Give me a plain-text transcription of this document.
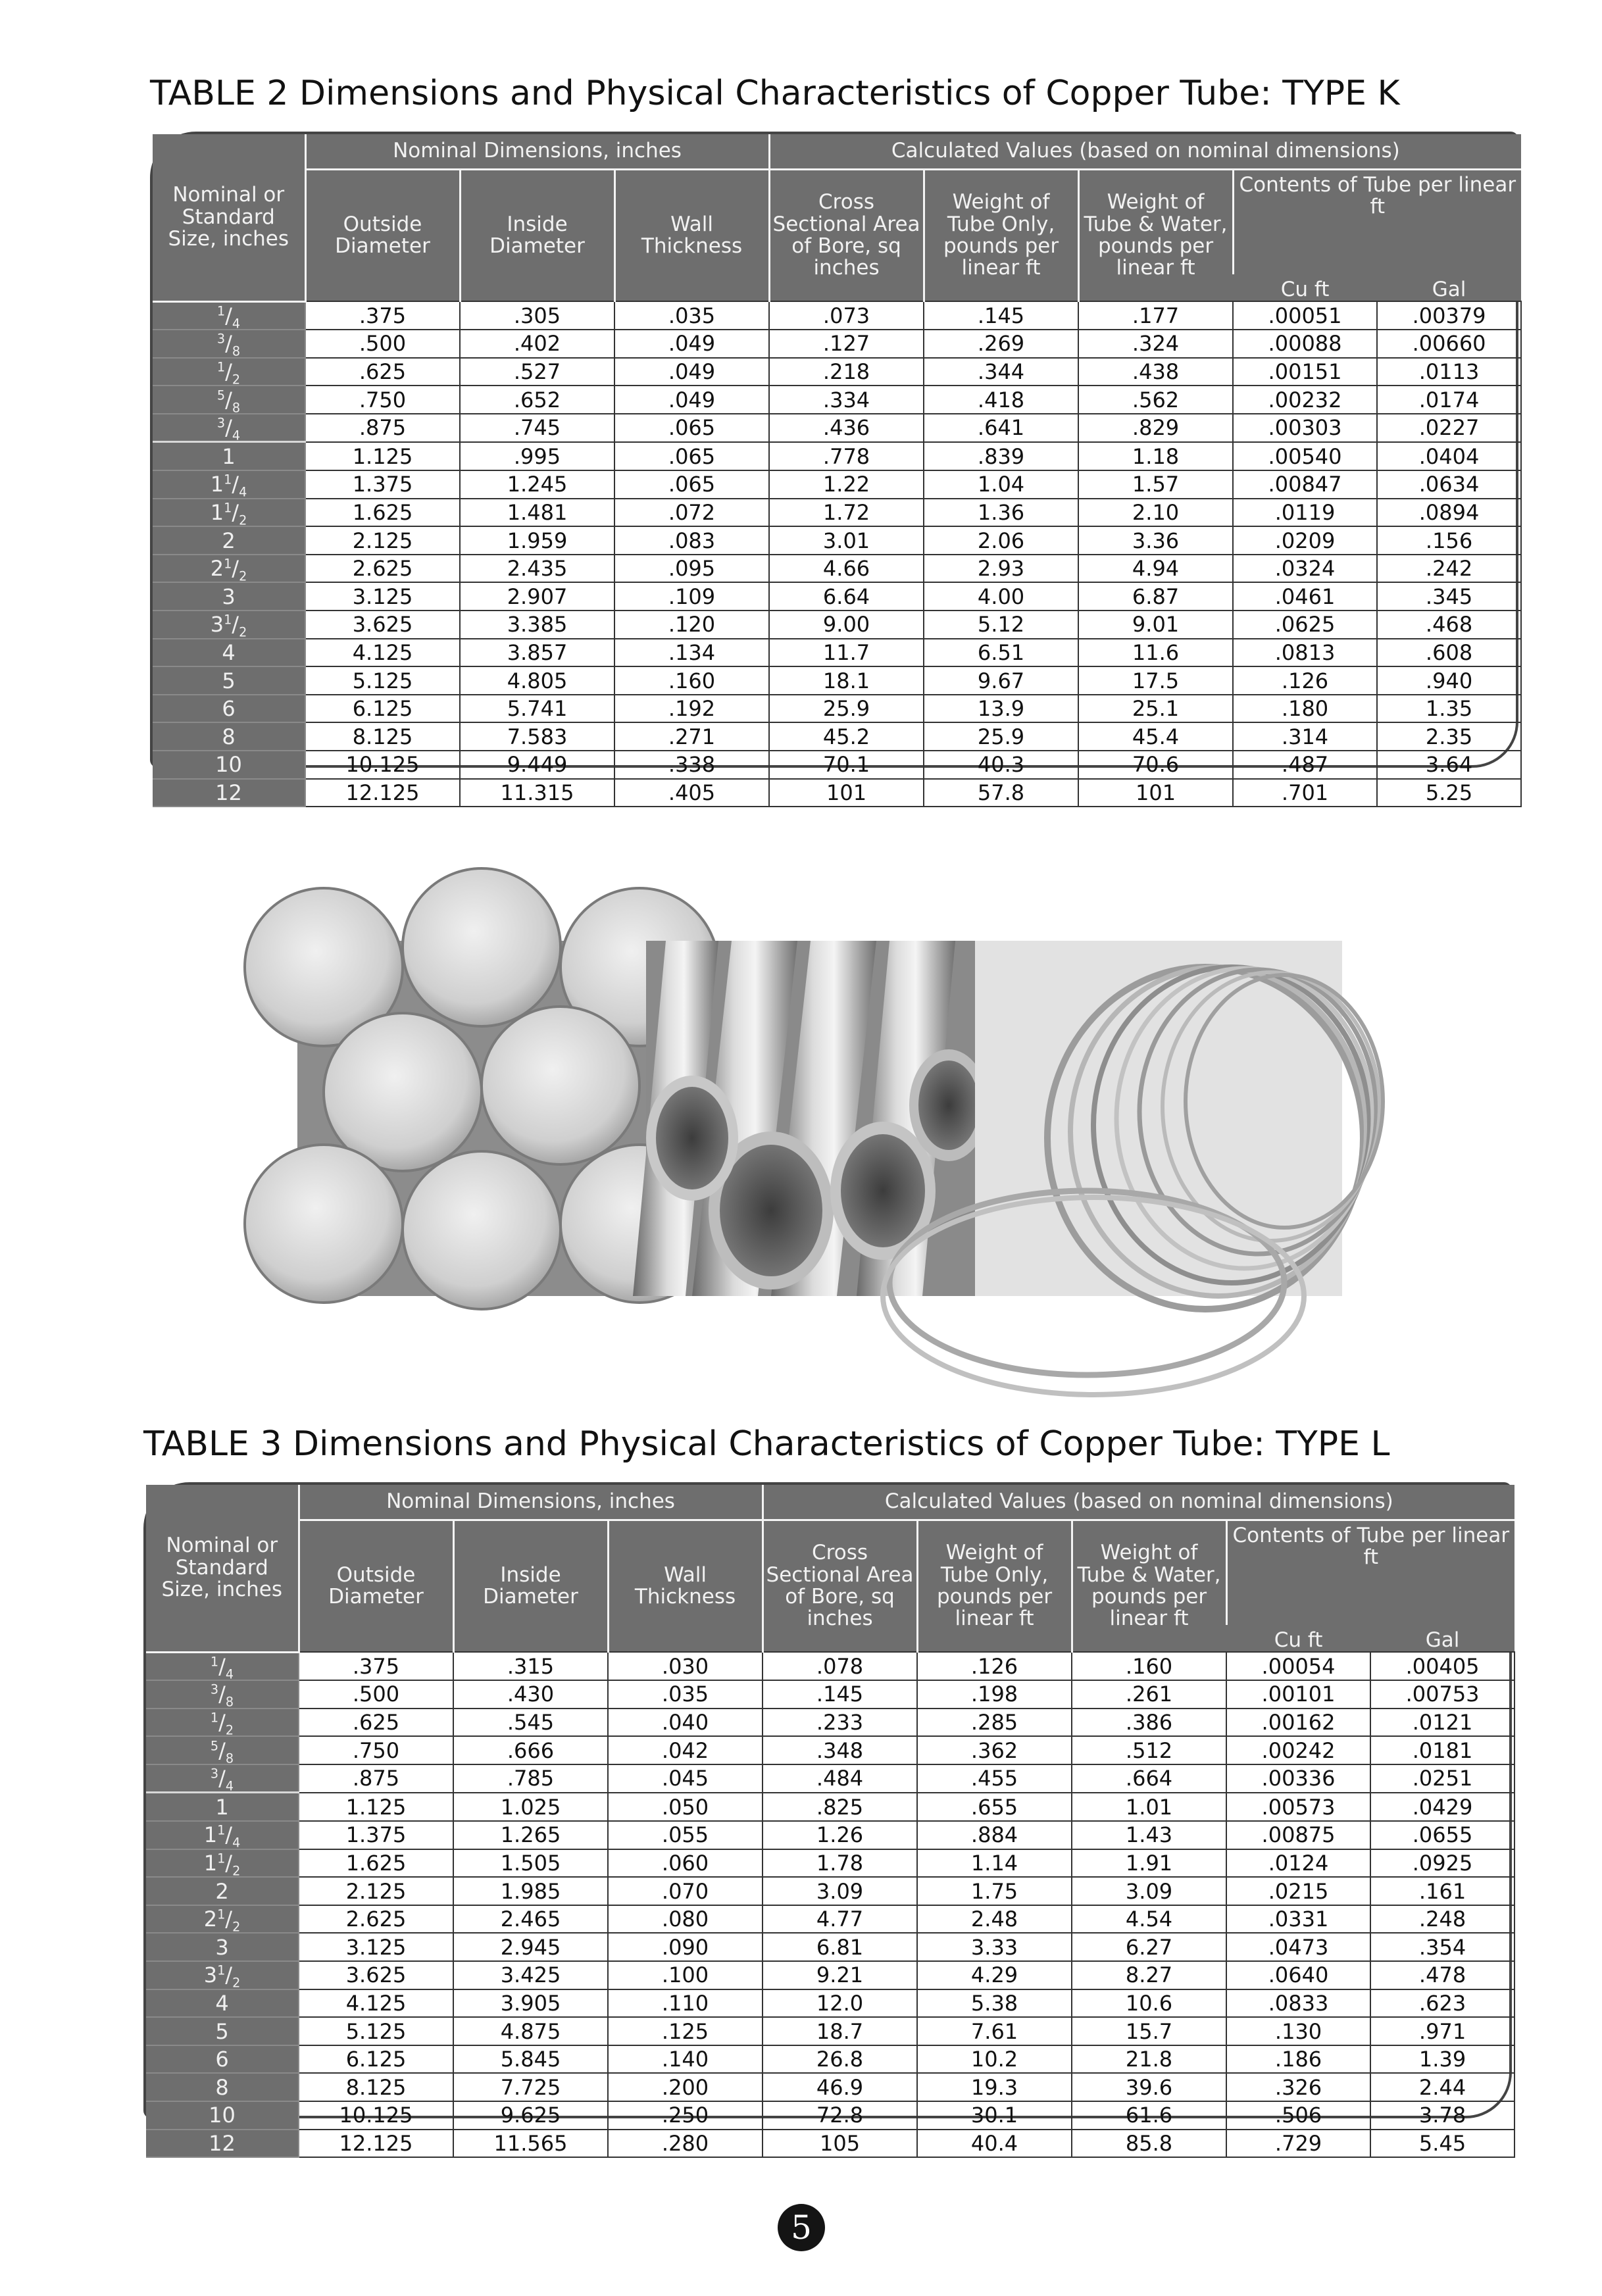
TABLE 2 Dimensions and Physical Characteristics of Copper Tube: TYPE K
Nominal or Standard Size, inches	Nominal Dimensions, inches			Calculated Values (based on nominal dimensions)				
	Outside Diameter	Inside Diameter	Wall Thickness	Cross Sectional Area of Bore, sq inches	Weight of Tube Only, pounds per linear ft	Weight of Tube & Water, pounds per linear ft	Contents of Tube per linear ft	
							Cu ft	Gal
$^1/_4$	.375	.305	.035	.073	.145	.177	.00051	.00379
$^3/_8$	.500	.402	.049	.127	.269	.324	.00088	.00660
$^1/_2$	.625	.527	.049	.218	.344	.438	.00151	.0113
$^5/_8$	.750	.652	.049	.334	.418	.562	.00232	.0174
$^3/_4$	.875	.745	.065	.436	.641	.829	.00303	.0227
1	1.125	.995	.065	.778	.839	1.18	.00540	.0404
$1^1/_4$	1.375	1.245	.065	1.22	1.04	1.57	.00847	.0634
$1^1/_2$	1.625	1.481	.072	1.72	1.36	2.10	.0119	.0894
2	2.125	1.959	.083	3.01	2.06	3.36	.0209	.156
$2^1/_2$	2.625	2.435	.095	4.66	2.93	4.94	.0324	.242
3	3.125	2.907	.109	6.64	4.00	6.87	.0461	.345
$3^1/_2$	3.625	3.385	.120	9.00	5.12	9.01	.0625	.468
4	4.125	3.857	.134	11.7	6.51	11.6	.0813	.608
5	5.125	4.805	.160	18.1	9.67	17.5	.126	.940
6	6.125	5.741	.192	25.9	13.9	25.1	.180	1.35
8	8.125	7.583	.271	45.2	25.9	45.4	.314	2.35
10	10.125	9.449	.338	70.1	40.3	70.6	.487	3.64
12	12.125	11.315	.405	101	57.8	101	.701	5.25
TABLE 3 Dimensions and Physical Characteristics of Copper Tube: TYPE L
Nominal or Standard Size, inches	Nominal Dimensions, inches			Calculated Values (based on nominal dimensions)				
	Outside Diameter	Inside Diameter	Wall Thickness	Cross Sectional Area of Bore, sq inches	Weight of Tube Only, pounds per linear ft	Weight of Tube & Water, pounds per linear ft	Contents of Tube per linear ft	
							Cu ft	Gal
$^1/_4$	.375	.315	.030	.078	.126	.160	.00054	.00405
$^3/_8$	.500	.430	.035	.145	.198	.261	.00101	.00753
$^1/_2$	.625	.545	.040	.233	.285	.386	.00162	.0121
$^5/_8$	.750	.666	.042	.348	.362	.512	.00242	.0181
$^3/_4$	.875	.785	.045	.484	.455	.664	.00336	.0251
1	1.125	1.025	.050	.825	.655	1.01	.00573	.0429
$1^1/_4$	1.375	1.265	.055	1.26	.884	1.43	.00875	.0655
$1^1/_2$	1.625	1.505	.060	1.78	1.14	1.91	.0124	.0925
2	2.125	1.985	.070	3.09	1.75	3.09	.0215	.161
$2^1/_2$	2.625	2.465	.080	4.77	2.48	4.54	.0331	.248
3	3.125	2.945	.090	6.81	3.33	6.27	.0473	.354
$3^1/_2$	3.625	3.425	.100	9.21	4.29	8.27	.0640	.478
4	4.125	3.905	.110	12.0	5.38	10.6	.0833	.623
5	5.125	4.875	.125	18.7	7.61	15.7	.130	.971
6	6.125	5.845	.140	26.8	10.2	21.8	.186	1.39
8	8.125	7.725	.200	46.9	19.3	39.6	.326	2.44
10	10.125	9.625	.250	72.8	30.1	61.6	.506	3.78
12	12.125	11.565	.280	105	40.4	85.8	.729	5.45
5
